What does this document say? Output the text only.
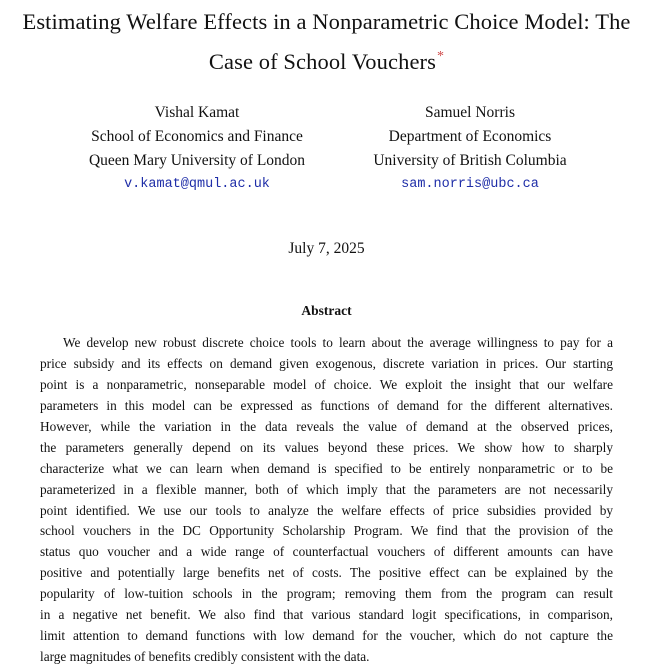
Estimating Welfare Effects in a Nonparametric Choice Model: The
Case of School Vouchers*
Vishal Kamat
School of Economics and Finance
Queen Mary University of London
v.kamat@qmul.ac.uk
Samuel Norris
Department of Economics
University of British Columbia
sam.norris@ubc.ca
July 7, 2025
Abstract
We develop new robust discrete choice tools to learn about the average willingness to pay for a
price subsidy and its effects on demand given exogenous, discrete variation in prices. Our starting
point is a nonparametric, nonseparable model of choice. We exploit the insight that our welfare
parameters in this model can be expressed as functions of demand for the different alternatives.
However, while the variation in the data reveals the value of demand at the observed prices,
the parameters generally depend on its values beyond these prices. We show how to sharply
characterize what we can learn when demand is specified to be entirely nonparametric or to be
parameterized in a flexible manner, both of which imply that the parameters are not necessarily
point identified. We use our tools to analyze the welfare effects of price subsidies provided by
school vouchers in the DC Opportunity Scholarship Program. We find that the provision of the
status quo voucher and a wide range of counterfactual vouchers of different amounts can have
positive and potentially large benefits net of costs. The positive effect can be explained by the
popularity of low-tuition schools in the program; removing them from the program can result
in a negative net benefit. We also find that various standard logit specifications, in comparison,
limit attention to demand functions with low demand for the voucher, which do not capture the
large magnitudes of benefits credibly consistent with the data.
